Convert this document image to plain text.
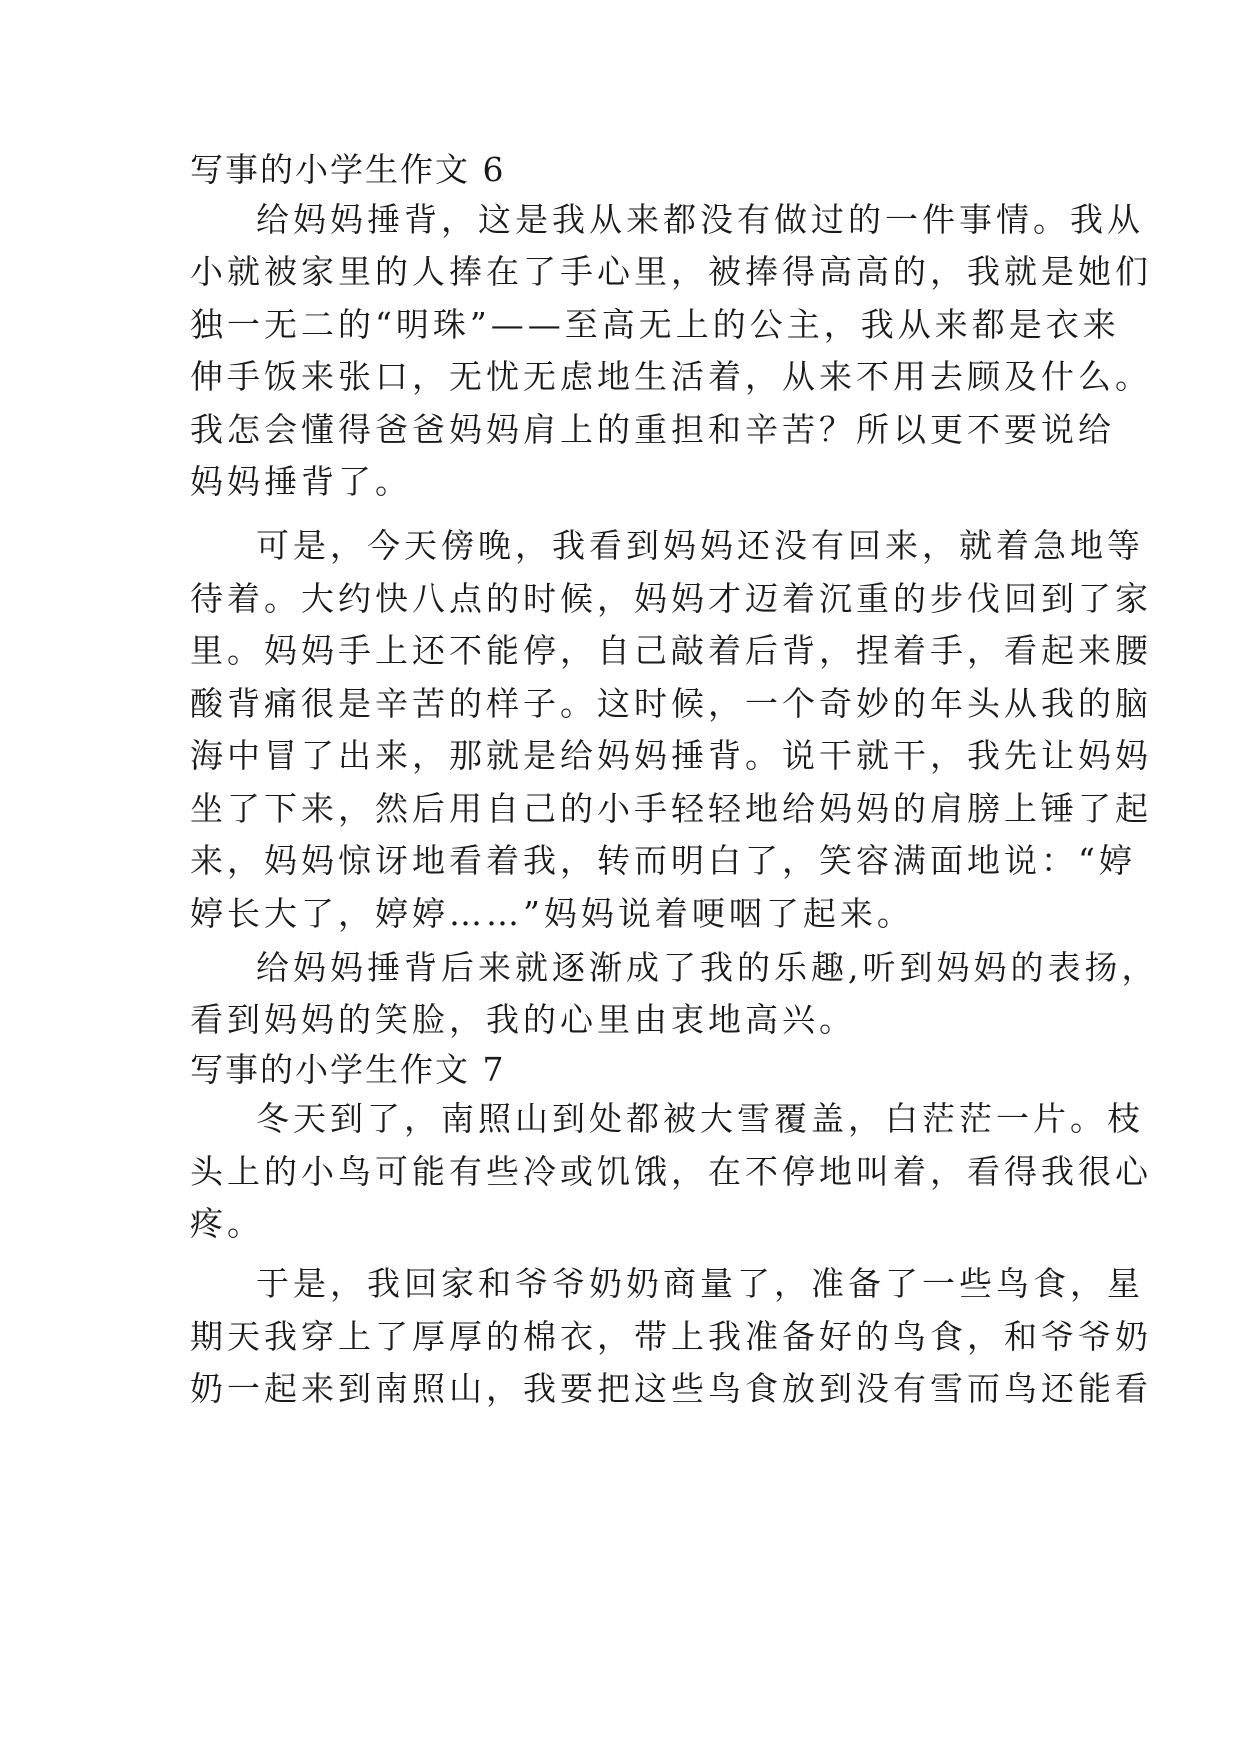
写事的小学生作文 6
给妈妈捶背，这是我从来都没有做过的一件事情。我从
小就被家里的人捧在了手心里，被捧得高高的，我就是她们
独一无二的“明珠”——至高无上的公主，我从来都是衣来
伸手饭来张口，无忧无虑地生活着，从来不用去顾及什么。
我怎会懂得爸爸妈妈肩上的重担和辛苦？所以更不要说给
妈妈捶背了。
可是，今天傍晚，我看到妈妈还没有回来，就着急地等
待着。大约快八点的时候，妈妈才迈着沉重的步伐回到了家
里。妈妈手上还不能停，自己敲着后背，捏着手，看起来腰
酸背痛很是辛苦的样子。这时候，一个奇妙的年头从我的脑
海中冒了出来，那就是给妈妈捶背。说干就干，我先让妈妈
坐了下来，然后用自己的小手轻轻地给妈妈的肩膀上锤了起
来，妈妈惊讶地看着我，转而明白了，笑容满面地说：“婷
婷长大了，婷婷……”妈妈说着哽咽了起来。
给妈妈捶背后来就逐渐成了我的乐趣,听到妈妈的表扬，
看到妈妈的笑脸，我的心里由衷地高兴。
写事的小学生作文 7
冬天到了，南照山到处都被大雪覆盖，白茫茫一片。枝
头上的小鸟可能有些冷或饥饿，在不停地叫着，看得我很心
疼。
于是，我回家和爷爷奶奶商量了，准备了一些鸟食，星
期天我穿上了厚厚的棉衣，带上我准备好的鸟食，和爷爷奶
奶一起来到南照山，我要把这些鸟食放到没有雪而鸟还能看
